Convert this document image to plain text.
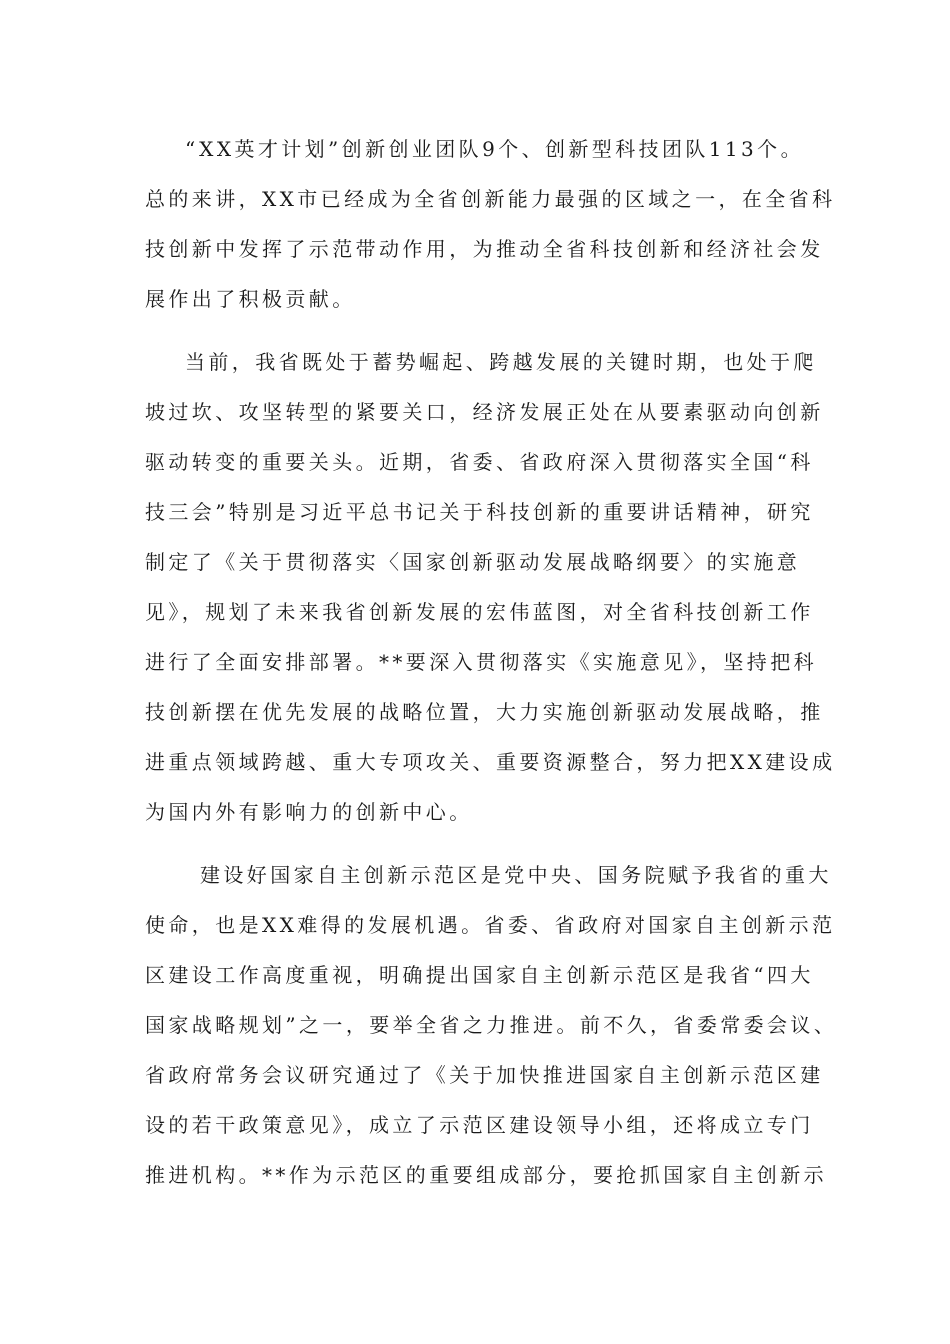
“XX英才计划”创新创业团队9个、创新型科技团队113个。
总的来讲，XX市已经成为全省创新能力最强的区域之一，在全省科
技创新中发挥了示范带动作用，为推动全省科技创新和经济社会发
展作出了积极贡献。
当前，我省既处于蓄势崛起、跨越发展的关键时期，也处于爬
坡过坎、攻坚转型的紧要关口，经济发展正处在从要素驱动向创新
驱动转变的重要关头。近期，省委、省政府深入贯彻落实全国“科
技三会”特别是习近平总书记关于科技创新的重要讲话精神，研究
制定了《关于贯彻落实〈国家创新驱动发展战略纲要〉的实施意
见》，规划了未来我省创新发展的宏伟蓝图，对全省科技创新工作
进行了全面安排部署。**要深入贯彻落实《实施意见》，坚持把科
技创新摆在优先发展的战略位置，大力实施创新驱动发展战略，推
进重点领域跨越、重大专项攻关、重要资源整合，努力把XX建设成
为国内外有影响力的创新中心。
建设好国家自主创新示范区是党中央、国务院赋予我省的重大
使命，也是XX难得的发展机遇。省委、省政府对国家自主创新示范
区建设工作高度重视，明确提出国家自主创新示范区是我省“四大
国家战略规划”之一，要举全省之力推进。前不久，省委常委会议、
省政府常务会议研究通过了《关于加快推进国家自主创新示范区建
设的若干政策意见》，成立了示范区建设领导小组，还将成立专门
推进机构。**作为示范区的重要组成部分，要抢抓国家自主创新示
